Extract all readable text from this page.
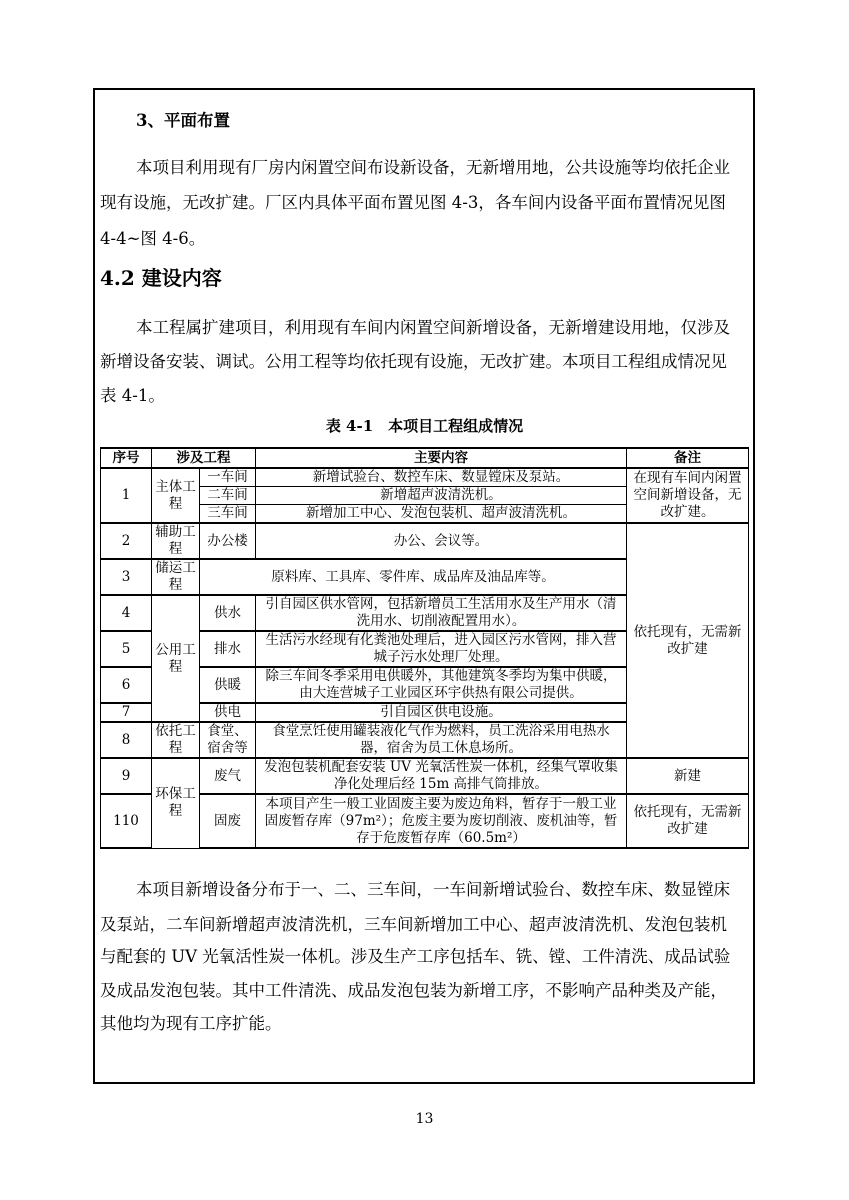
3、平面布置
本项目利用现有厂房内闲置空间布设新设备，无新增用地，公共设施等均依托企业
现有设施，无改扩建。厂区内具体平面布置见图 4-3，各车间内设备平面布置情况见图
4-4~图 4-6。
4.2 建设内容
本工程属扩建项目，利用现有车间内闲置空间新增设备，无新增建设用地，仅涉及
新增设备安装、调试。公用工程等均依托现有设施，无改扩建。本项目工程组成情况见
表 4-1。
表 4-1　本项目工程组成情况
序号	涉及工程		主要内容	备注
1	主体工程	一车间	新增试验台、数控车床、数显镗床及泵站。	在现有车间内闲置空间新增设备，无改扩建。
		二车间	新增超声波清洗机。	
		三车间	新增加工中心、发泡包装机、超声波清洗机。	
2	辅助工程	办公楼	办公、会议等。	依托现有，无需新改扩建
3	储运工程	原料库、工具库、零件库、成品库及油品库等。		
4	公用工程	供水	引自园区供水管网，包括新增员工生活用水及生产用水（清洗用水、切削液配置用水）。	
5		排水	生活污水经现有化粪池处理后，进入园区污水管网，排入营城子污水处理厂处理。	
6		供暖	除三车间冬季采用电供暖外，其他建筑冬季均为集中供暖，由大连营城子工业园区环宇供热有限公司提供。	
7		供电	引自园区供电设施。	
8	依托工程	食堂、宿舍等	食堂烹饪使用罐装液化气作为燃料，员工洗浴采用电热水器，宿舍为员工休息场所。	
9	环保工程	废气	发泡包装机配套安装 UV 光氧活性炭一体机，经集气罩收集净化处理后经 15m 高排气筒排放。	新建
110		固废	本项目产生一般工业固废主要为废边角料，暂存于一般工业固废暂存库（97m²）；危废主要为废切削液、废机油等，暂存于危废暂存库（60.5m²）	依托现有，无需新改扩建
本项目新增设备分布于一、二、三车间，一车间新增试验台、数控车床、数显镗床
及泵站，二车间新增超声波清洗机，三车间新增加工中心、超声波清洗机、发泡包装机
与配套的 UV 光氧活性炭一体机。涉及生产工序包括车、铣、镗、工件清洗、成品试验
及成品发泡包装。其中工件清洗、成品发泡包装为新增工序，不影响产品种类及产能，
其他均为现有工序扩能。
13
